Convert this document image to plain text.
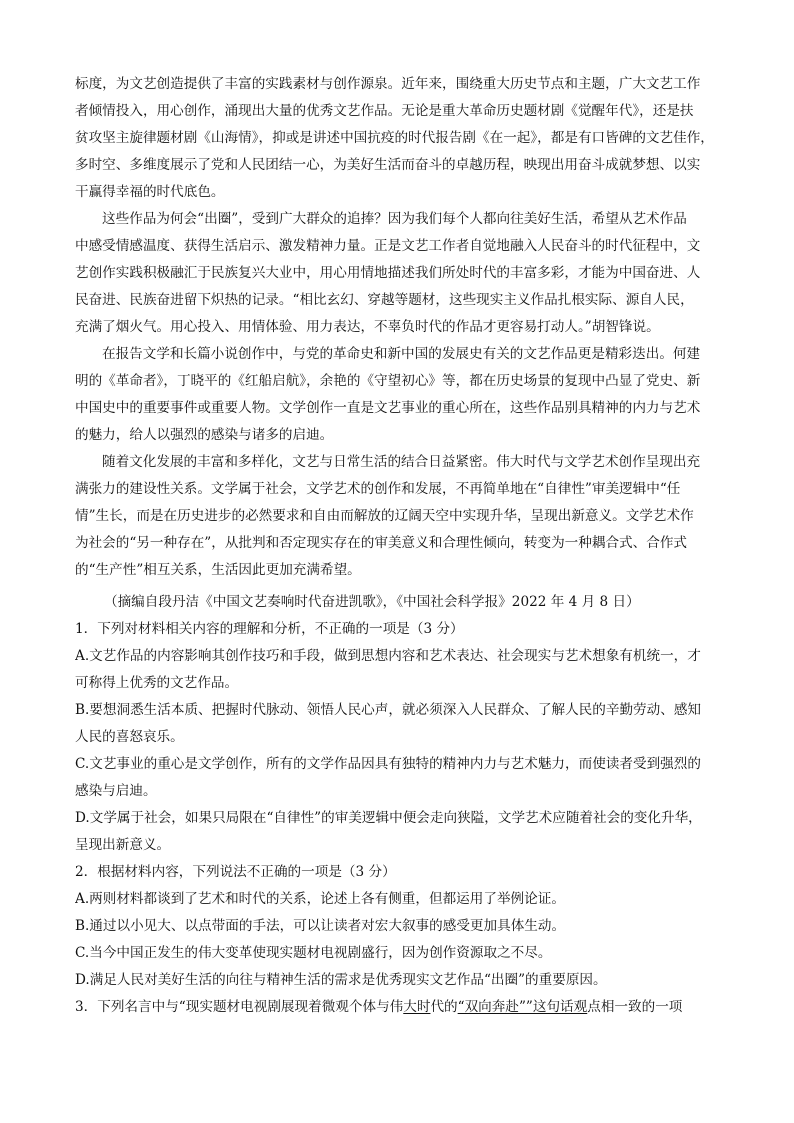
标度，为文艺创造提供了丰富的实践素材与创作源泉。近年来，围绕重大历史节点和主题，广大文艺工作
者倾情投入，用心创作，涌现出大量的优秀文艺作品。无论是重大革命历史题材剧《觉醒年代》，还是扶
贫攻坚主旋律题材剧《山海情》，抑或是讲述中国抗疫的时代报告剧《在一起》，都是有口皆碑的文艺佳作，
多时空、多维度展示了党和人民团结一心，为美好生活而奋斗的卓越历程，映现出用奋斗成就梦想、以实
干赢得幸福的时代底色。
这些作品为何会“出圈”，受到广大群众的追捧？因为我们每个人都向往美好生活，希望从艺术作品
中感受情感温度、获得生活启示、激发精神力量。正是文艺工作者自觉地融入人民奋斗的时代征程中，文
艺创作实践积极融汇于民族复兴大业中，用心用情地描述我们所处时代的丰富多彩，才能为中国奋进、人
民奋进、民族奋进留下炽热的记录。“相比玄幻、穿越等题材，这些现实主义作品扎根实际、源自人民，
充满了烟火气。用心投入、用情体验、用力表达，不辜负时代的作品才更容易打动人。”胡智锋说。
在报告文学和长篇小说创作中，与党的革命史和新中国的发展史有关的文艺作品更是精彩迭出。何建
明的《革命者》，丁晓平的《红船启航》，余艳的《守望初心》等，都在历史场景的复现中凸显了党史、新
中国史中的重要事件或重要人物。文学创作一直是文艺事业的重心所在，这些作品别具精神的内力与艺术
的魅力，给人以强烈的感染与诸多的启迪。
随着文化发展的丰富和多样化，文艺与日常生活的结合日益紧密。伟大时代与文学艺术创作呈现出充
满张力的建设性关系。文学属于社会，文学艺术的创作和发展，不再简单地在“自律性”审美逻辑中“任
情”生长，而是在历史进步的必然要求和自由而解放的辽阔天空中实现升华，呈现出新意义。文学艺术作
为社会的“另一种存在”，从批判和否定现实存在的审美意义和合理性倾向，转变为一种耦合式、合作式
的“生产性”相互关系，生活因此更加充满希望。
（摘编自段丹洁《中国文艺奏响时代奋进凯歌》，《中国社会科学报》2022 年 4 月 8 日）
1．下列对材料相关内容的理解和分析，不正确的一项是（3 分）
A.文艺作品的内容影响其创作技巧和手段，做到思想内容和艺术表达、社会现实与艺术想象有机统一，才
可称得上优秀的文艺作品。
B.要想洞悉生活本质、把握时代脉动、领悟人民心声，就必须深入人民群众、了解人民的辛勤劳动、感知
人民的喜怒哀乐。
C.文艺事业的重心是文学创作，所有的文学作品因具有独特的精神内力与艺术魅力，而使读者受到强烈的
感染与启迪。
D.文学属于社会，如果只局限在“自律性”的审美逻辑中便会走向狭隘，文学艺术应随着社会的变化升华，
呈现出新意义。
2．根据材料内容，下列说法不正确的一项是（3 分）
A.两则材料都谈到了艺术和时代的关系，论述上各有侧重，但都运用了举例论证。
B.通过以小见大、以点带面的手法，可以让读者对宏大叙事的感受更加具体生动。
C.当今中国正发生的伟大变革使现实题材电视剧盛行，因为创作资源取之不尽。
D.满足人民对美好生活的向往与精神生活的需求是优秀现实文艺作品“出圈”的重要原因。
3．下列名言中与“现实题材电视剧展现着微观个体与伟大时代的“双向奔赴””这句话观点相一致的一项
